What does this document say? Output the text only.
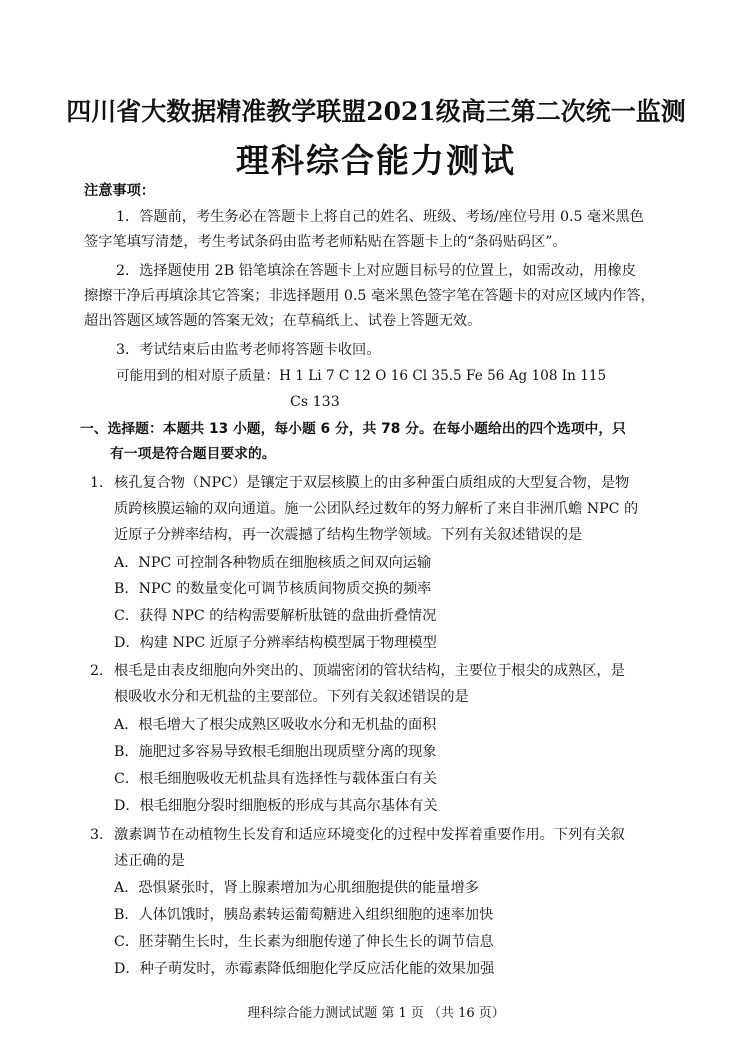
四川省大数据精准教学联盟2021级高三第二次统一监测
理科综合能力测试
注意事项：
1．答题前，考生务必在答题卡上将自己的姓名、班级、考场/座位号用 0.5 毫米黑色
签字笔填写清楚，考生考试条码由监考老师粘贴在答题卡上的“条码贴码区”。
2．选择题使用 2B 铅笔填涂在答题卡上对应题目标号的位置上，如需改动，用橡皮
擦擦干净后再填涂其它答案；非选择题用 0.5 毫米黑色签字笔在答题卡的对应区域内作答，
超出答题区域答题的答案无效；在草稿纸上、试卷上答题无效。
3．考试结束后由监考老师将答题卡收回。
可能用到的相对原子质量：H 1 Li 7 C 12 O 16 Cl 35.5 Fe 56 Ag 108 In 115
Cs 133
一、选择题：本题共 13 小题，每小题 6 分，共 78 分。在每小题给出的四个选项中，只
有一项是符合题目要求的。
1． 核孔复合物（NPC）是镶定于双层核膜上的由多种蛋白质组成的大型复合物，是物
质跨核膜运输的双向通道。施一公团队经过数年的努力解析了来自非洲爪蟾 NPC 的
近原子分辨率结构，再一次震撼了结构生物学领域。下列有关叙述错误的是
A．NPC 可控制各种物质在细胞核质之间双向运输
B．NPC 的数量变化可调节核质间物质交换的频率
C．获得 NPC 的结构需要解析肽链的盘曲折叠情况
D．构建 NPC 近原子分辨率结构模型属于物理模型
2． 根毛是由表皮细胞向外突出的、顶端密闭的管状结构，主要位于根尖的成熟区，是
根吸收水分和无机盐的主要部位。下列有关叙述错误的是
A．根毛增大了根尖成熟区吸收水分和无机盐的面积
B．施肥过多容易导致根毛细胞出现质壁分离的现象
C．根毛细胞吸收无机盐具有选择性与载体蛋白有关
D．根毛细胞分裂时细胞板的形成与其高尔基体有关
3． 激素调节在动植物生长发育和适应环境变化的过程中发挥着重要作用。下列有关叙
述正确的是
A．恐惧紧张时，肾上腺素增加为心肌细胞提供的能量增多
B．人体饥饿时，胰岛素转运葡萄糖进入组织细胞的速率加快
C．胚芽鞘生长时，生长素为细胞传递了伸长生长的调节信息
D．种子萌发时，赤霉素降低细胞化学反应活化能的效果加强
理科综合能力测试试题 第 1 页 （共 16 页）
